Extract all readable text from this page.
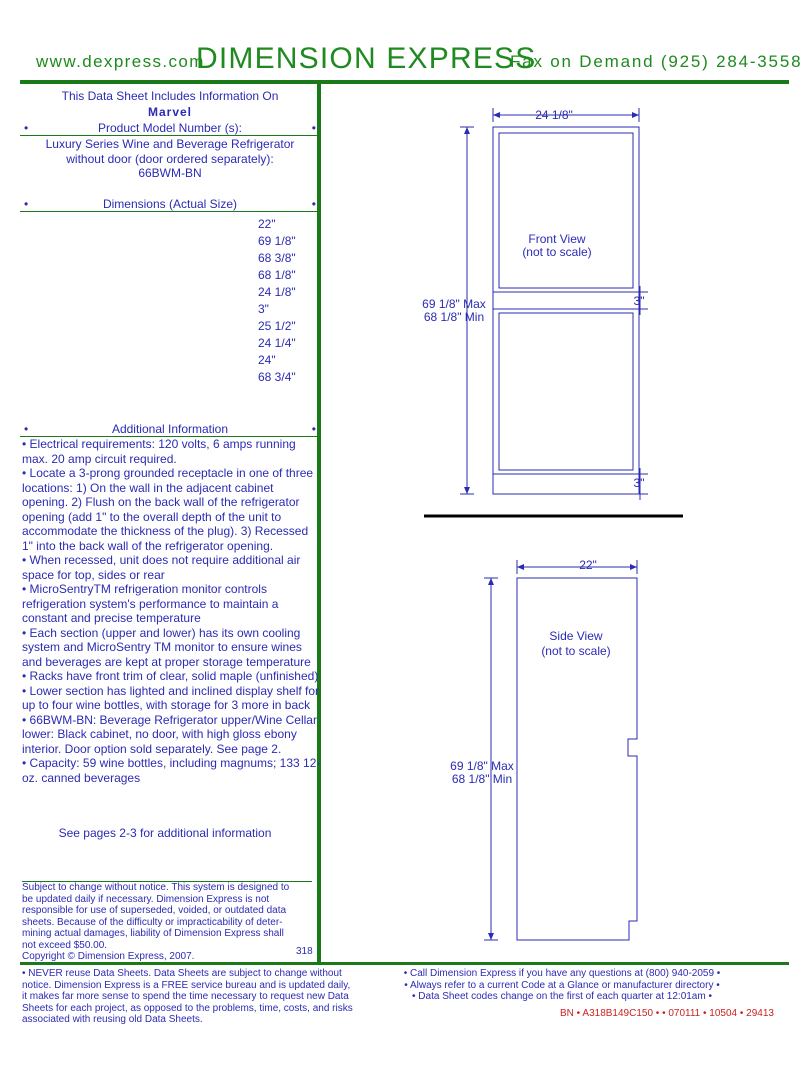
www.dexpress.com
DIMENSION EXPRESS
Fax on Demand (925) 284-3558
This Data Sheet Includes Information On
Marvel
•	Product Model Number (s):	•
Luxury Series Wine and Beverage Refrigerator
without door (door ordered separately):
66BWM-BN
•	Dimensions (Actual Size)	•
22"
69 1/8"
68 3/8"
68 1/8"
24 1/8"
3"
25 1/2"
24 1/4"
24"
68 3/4"
•	Additional Information	•

• Electrical requirements: 120 volts, 6 amps running max. 20 amp circuit required.

• Locate a 3-prong grounded receptacle in one of three locations: 1) On the wall in the adjacent cabinet opening. 2) Flush on the back wall of the refrigerator opening (add 1" to the overall depth of the unit to accommodate the thickness of the plug). 3) Recessed 1" into the back wall of the refrigerator opening.

• When recessed, unit does not require additional air space for top, sides or rear

• MicroSentryTM refrigeration monitor controls refrigeration system's performance to maintain a constant and precise temperature

• Each section (upper and lower) has its own cooling system and MicroSentry TM monitor to ensure wines and beverages are kept at proper storage temperature

• Racks have front trim of clear, solid maple (unfinished)

• Lower section has lighted and inclined display shelf for up to four wine bottles, with storage for 3 more in back

• 66BWM-BN: Beverage Refrigerator upper/Wine Cellar lower: Black cabinet, no door, with high gloss ebony interior. Door option sold separately. See page 2.

• Capacity: 59 wine bottles, including magnums; 133 12-oz. canned beverages

See pages 2-3 for additional information

Subject to change without notice. This system is designed to

be updated daily if necessary. Dimension Express is not

responsible for use of superseded, voided, or outdated data

sheets. Because of the difficulty or impracticability of deter-

mining actual damages, liability of Dimension Express shall

not exceed $50.00.

Copyright © Dimension Express, 2007.	318
24 1/8"
Front View
(not to scale)
69 1/8" Max
68 1/8" Min
3"
3"
22"
Side View
(not to scale)
69 1/8" Max
68 1/8" Min

• NEVER reuse Data Sheets. Data Sheets are subject to change without

notice. Dimension Express is a FREE service bureau and is updated daily,

it makes far more sense to spend the time necessary to request new Data

Sheets for each project, as opposed to the problems, time, costs, and risks

associated with reusing old Data Sheets.

• Call Dimension Express if you have any questions at (800) 940-2059 •

• Always refer to a current Code at a Glance or manufacturer directory •

• Data Sheet codes change on the first of each quarter at 12:01am •

BN • A318B149C150 • • 070111 • 10504 • 29413
